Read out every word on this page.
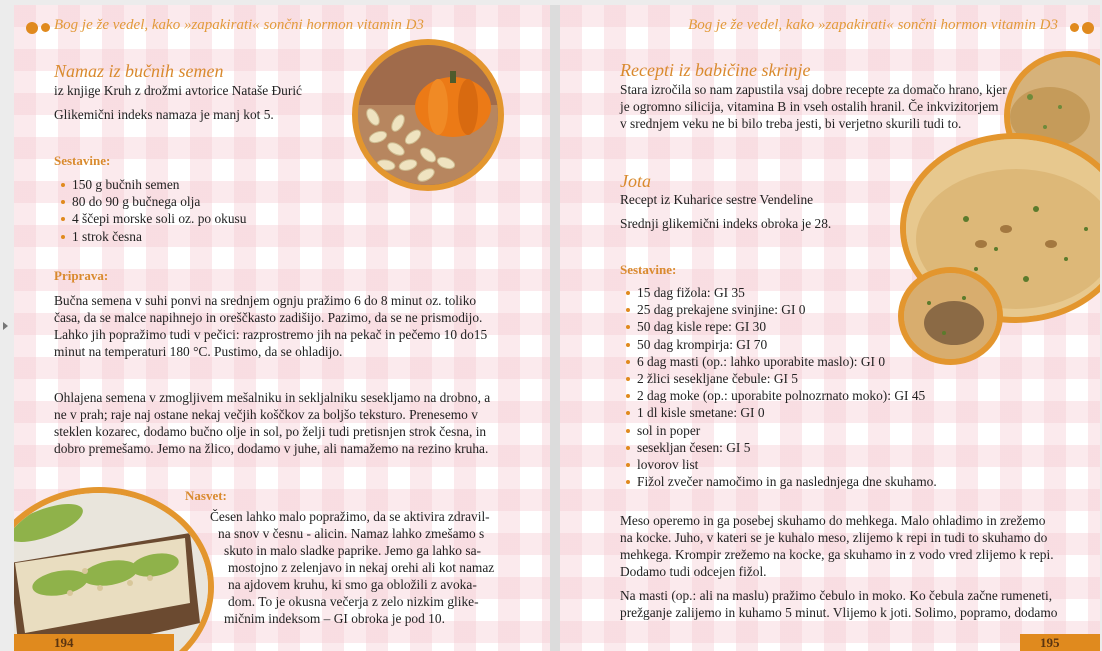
Bog je že vedel, kako »zapakirati« sončni hormon vitamin D3
Namaz iz bučnih semen
iz knjige Kruh z drožmi avtorice Nataše Đurić
Glikemični indeks namaza je manj kot 5.
Sestavine:
150 g bučnih semen
80 do 90 g bučnega olja
4 ščepi morske soli oz. po okusu
1 strok česna
Priprava:
Bučna semena v suhi ponvi na srednjem ognju pražimo 6 do 8 minut oz. toliko
časa, da se malce napihnejo in oreščkasto zadišijo. Pazimo, da se ne prismodijo.
Lahko jih popražimo tudi v pečici: razprostremo jih na pekač in pečemo 10 do15
minut na temperaturi 180 °C. Pustimo, da se ohladijo.
Ohlajena semena v zmogljivem mešalniku in sekljalniku sesekljamo na drobno, a
ne v prah; raje naj ostane nekaj večjih koščkov za boljšo teksturo. Prenesemo v
steklen kozarec, dodamo bučno olje in sol, po želji tudi pretisnjen strok česna, in
dobro premešamo. Jemo na žlico, dodamo v juhe, ali namažemo na rezino kruha.
Nasvet:
Česen lahko malo popražimo, da se aktivira zdravil-
na snov v česnu - alicin. Namaz lahko zmešamo s
skuto in malo sladke paprike. Jemo ga lahko sa-
mostojno z zelenjavo in nekaj orehi ali kot namaz
na ajdovem kruhu, ki smo ga obložili z avoka-
dom. To je okusna večerja z zelo nizkim glike-
mičnim indeksom – GI obroka je pod 10.
194
Bog je že vedel, kako »zapakirati« sončni hormon vitamin D3
Recepti iz babičine skrinje
Stara izročila so nam zapustila vsaj dobre recepte za domačo hrano, kjer
je ogromno silicija, vitamina B in vseh ostalih hranil. Če inkvizitorjem
v srednjem veku ne bi bilo treba jesti, bi verjetno skurili tudi to.
Jota
Recept iz Kuharice sestre Vendeline
Srednji glikemični indeks obroka je 28.
Sestavine:
15 dag fižola: GI 35
25 dag prekajene svinjine: GI 0
50 dag kisle repe: GI 30
50 dag krompirja: GI 70
6 dag masti (op.: lahko uporabite maslo): GI 0
2 žlici sesekljane čebule: GI 5
2 dag moke (op.: uporabite polnozrnato moko): GI 45
1 dl kisle smetane: GI 0
sol in poper
sesekljan česen: GI 5
lovorov list
Fižol zvečer namočimo in ga naslednjega dne skuhamo.
Meso operemo in ga posebej skuhamo do mehkega. Malo ohladimo in zrežemo
na kocke. Juho, v kateri se je kuhalo meso, zlijemo k repi in tudi to skuhamo do
mehkega. Krompir zrežemo na kocke, ga skuhamo in z vodo vred zlijemo k repi.
Dodamo tudi odcejen fižol.
Na masti (op.: ali na maslu) pražimo čebulo in moko. Ko čebula začne rumeneti,
prežganje zalijemo in kuhamo 5 minut. Vlijemo k joti. Solimo, popramo, dodamo
195
